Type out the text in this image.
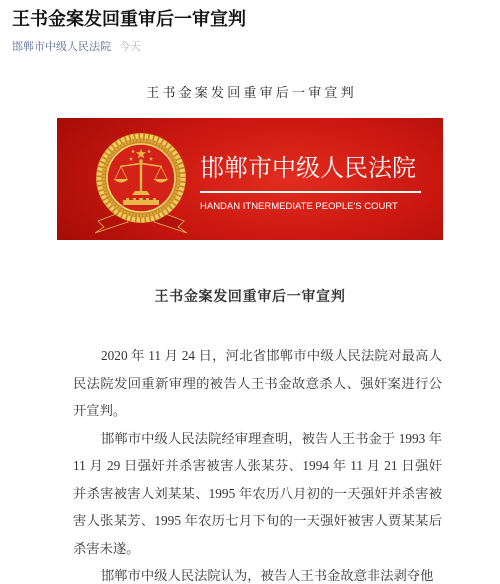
王书金案发回重审后一审宣判
邯郸市中级人民法院 今天
王书金案发回重审后一审宣判
邯郸市中级人民法院
HANDAN ITNERMEDIATE PEOPLE'S COURT
王书金案发回重审后一审宣判
2020 年 11 月 24 日，河北省邯郸市中级人民法院对最高人
民法院发回重新审理的被告人王书金故意杀人、强奸案进行公
开宣判。
邯郸市中级人民法院经审理查明，被告人王书金于 1993 年
11 月 29 日强奸并杀害被害人张某芬、1994 年 11 月 21 日强奸
并杀害被害人刘某某、1995 年农历八月初的一天强奸并杀害被
害人张某芳、1995 年农历七月下旬的一天强奸被害人贾某某后
杀害未遂。
邯郸市中级人民法院认为，被告人王书金故意非法剥夺他
